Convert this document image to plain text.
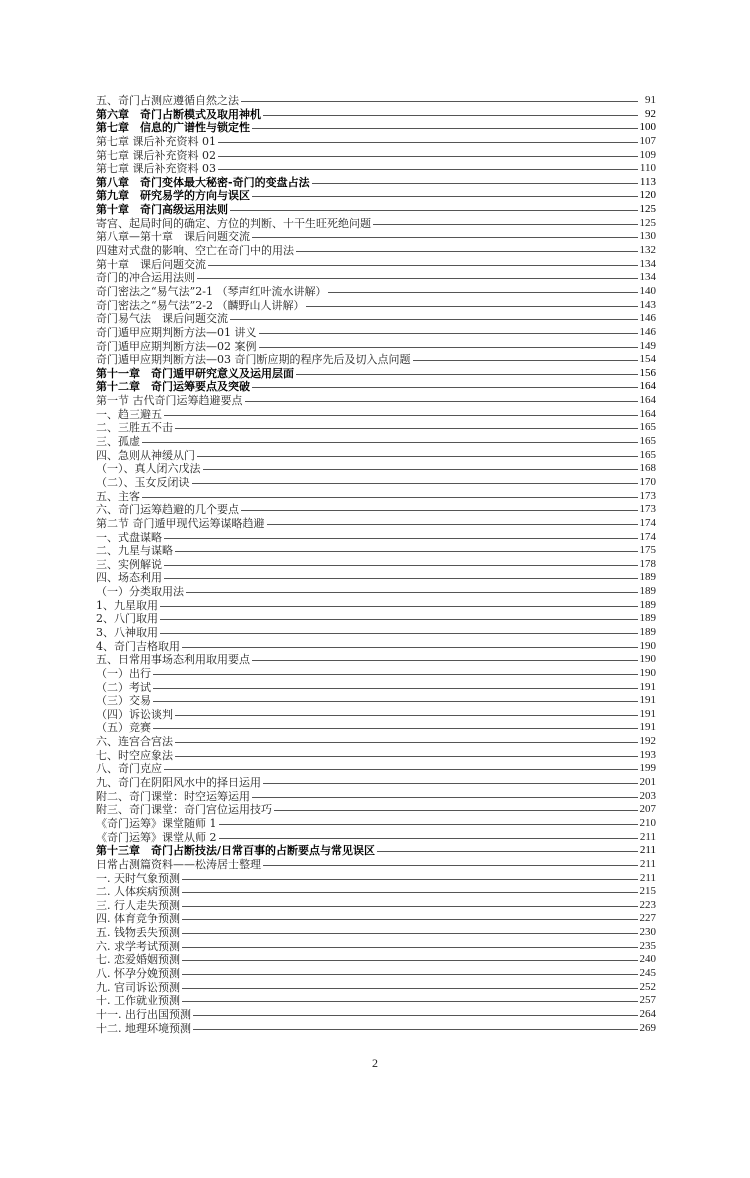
五、奇门占测应遵循自然之法	91
第六章　奇门占断模式及取用神机	92
第七章　信息的广谱性与锁定性	100
第七章 课后补充资料 01	107
第七章 课后补充资料 02	109
第七章 课后补充资料 03	110
第八章　奇门变体最大秘密-奇门的变盘占法	113
第九章　研究易学的方向与误区	120
第十章　奇门高级运用法则	125
寄宫、起局时间的确定、方位的判断、十干生旺死绝问题	125
第八章—第十章　课后问题交流	130
四建对式盘的影响、空亡在奇门中的用法	132
第十章　课后问题交流	134
奇门的冲合运用法则	134
奇门密法之“易气法”2-1 （琴声红叶流水讲解）	140
奇门密法之“易气法”2-2 （麟野山人讲解）	143
奇门易气法　课后问题交流	146
奇门遁甲应期判断方法—01 讲义	146
奇门遁甲应期判断方法—02 案例	149
奇门遁甲应期判断方法—03 奇门断应期的程序先后及切入点问题	154
第十一章　奇门遁甲研究意义及运用层面	156
第十二章　奇门运筹要点及突破	164
第一节 古代奇门运筹趋避要点	164
一、趋三避五	164
二、三胜五不击	165
三、孤虚	165
四、急则从神缓从门	165
（一）、真人闭六戊法	168
（二）、玉女反闭诀	170
五、主客	173
六、奇门运筹趋避的几个要点	173
第二节 奇门遁甲现代运筹谋略趋避	174
一、式盘谋略	174
二、九星与谋略	175
三、实例解说	178
四、场态利用	189
（一）分类取用法	189
1、九星取用	189
2、八门取用	189
3、八神取用	189
4、奇门吉格取用	190
五、日常用事场态利用取用要点	190
（一）出行	190
（二）考试	191
（三）交易	191
（四）诉讼谈判	191
（五）竞赛	191
六、连宫合宫法	192
七、时空应象法	193
八、奇门克应	199
九、奇门在阴阳风水中的择日运用	201
附二、奇门课堂：时空运筹运用	203
附三、奇门课堂：奇门宫位运用技巧	207
《奇门运筹》课堂随师 1	210
《奇门运筹》课堂从师 2	211
第十三章　奇门占断技法/日常百事的占断要点与常见误区	211
日常占测篇资料——松涛居士整理	211
一. 天时气象预测	211
二. 人体疾病预测	215
三. 行人走失预测	223
四. 体育竞争预测	227
五. 钱物丢失预测	230
六. 求学考试预测	235
七. 恋爱婚姻预测	240
八. 怀孕分娩预测	245
九. 官司诉讼预测	252
十. 工作就业预测	257
十一. 出行出国预测	264
十二. 地理环境预测	269
2
